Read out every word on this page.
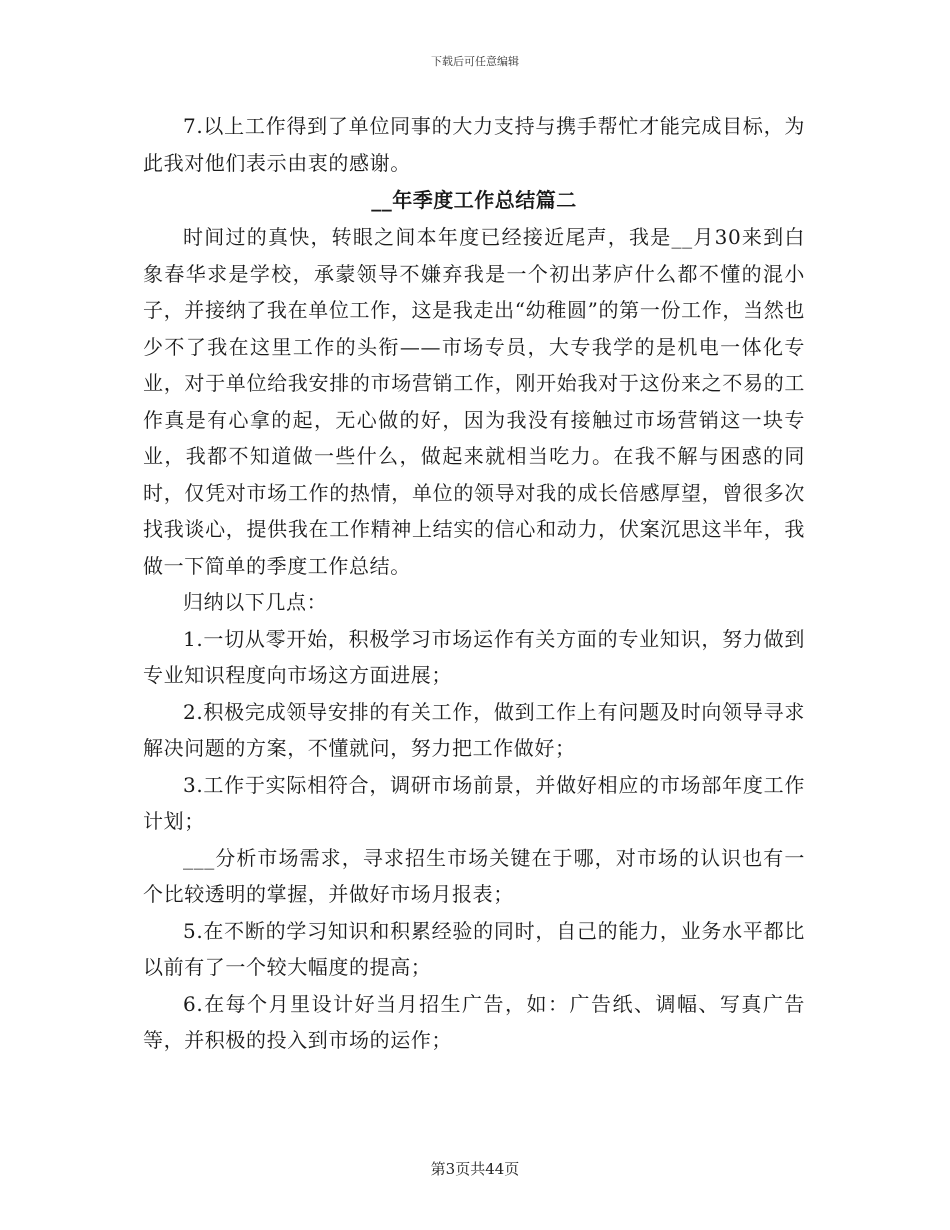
下载后可任意编辑

7.以上工作得到了单位同事的大力支持与携手帮忙才能完成目标，为此我对他们表示由衷的感谢。

__年季度工作总结篇二

时间过的真快，转眼之间本年度已经接近尾声，我是__月30来到白象春华求是学校，承蒙领导不嫌弃我是一个初出茅庐什么都不懂的混小子，并接纳了我在单位工作，这是我走出“幼稚圆”的第一份工作，当然也少不了我在这里工作的头衔——市场专员，大专我学的是机电一体化专业，对于单位给我安排的市场营销工作，刚开始我对于这份来之不易的工作真是有心拿的起，无心做的好，因为我没有接触过市场营销这一块专业，我都不知道做一些什么，做起来就相当吃力。在我不解与困惑的同时，仅凭对市场工作的热情，单位的领导对我的成长倍感厚望，曾很多次找我谈心，提供我在工作精神上结实的信心和动力，伏案沉思这半年，我做一下简单的季度工作总结。

归纳以下几点：

1.一切从零开始，积极学习市场运作有关方面的专业知识，努力做到专业知识程度向市场这方面进展；

2.积极完成领导安排的有关工作，做到工作上有问题及时向领导寻求解决问题的方案，不懂就问，努力把工作做好；

3.工作于实际相符合，调研市场前景，并做好相应的市场部年度工作计划；

___分析市场需求，寻求招生市场关键在于哪，对市场的认识也有一个比较透明的掌握，并做好市场月报表；

5.在不断的学习知识和积累经验的同时，自己的能力，业务水平都比以前有了一个较大幅度的提高；

6.在每个月里设计好当月招生广告，如：广告纸、调幅、写真广告等，并积极的投入到市场的运作；

第3页共44页
